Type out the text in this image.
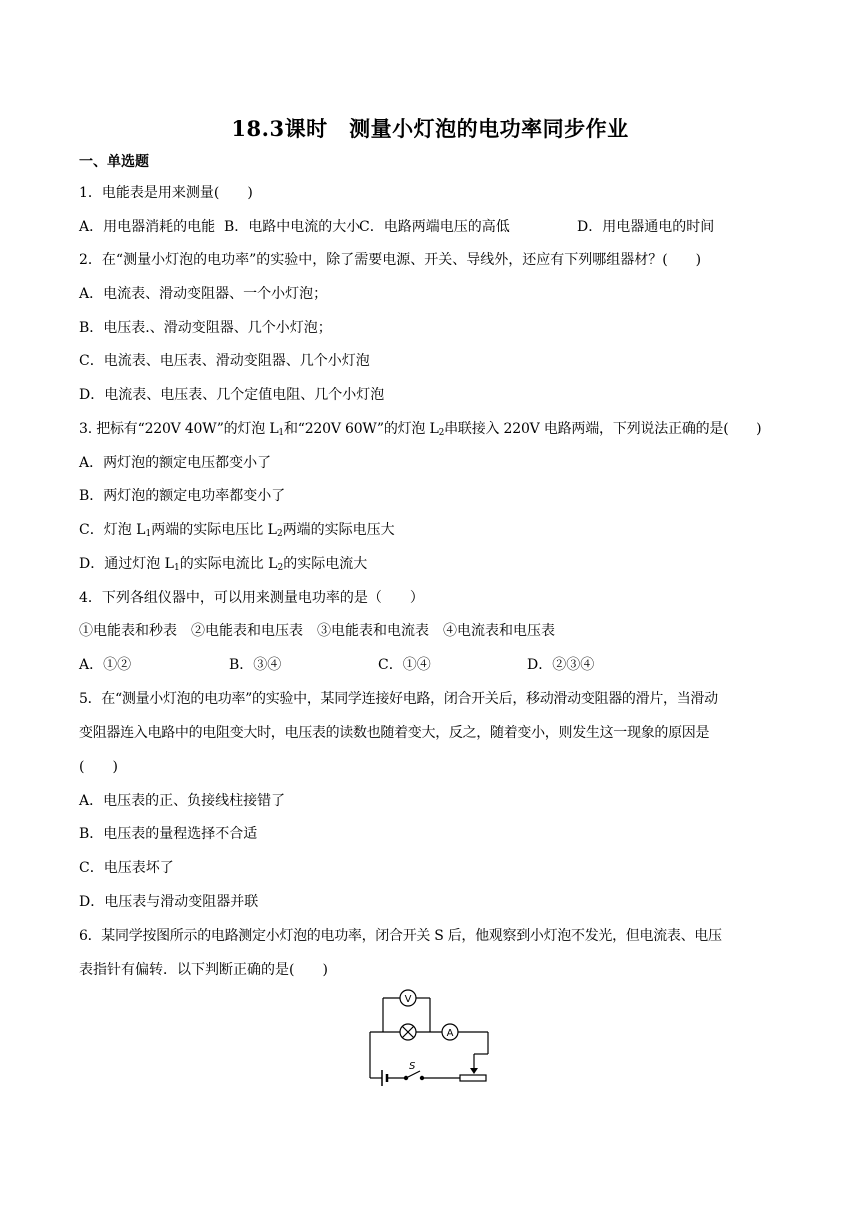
18.3课时　测量小灯泡的电功率同步作业
一、单选题
1．电能表是用来测量(　　)
A．用电器消耗的电能 B．电路中电流的大小
C．电路两端电压的高低	D．用电器通电的时间
2．在“测量小灯泡的电功率”的实验中，除了需要电源、开关、导线外，还应有下列哪组器材？(　　)
A．电流表、滑动变阻器、一个小灯泡；
B．电压表.、滑动变阻器、几个小灯泡；
C．电流表、电压表、滑动变阻器、几个小灯泡
D．电流表、电压表、几个定值电阻、几个小灯泡
3. 把标有“220V 40W”的灯泡 $L_1$和“220V 60W”的灯泡 $L_2$串联接入 220V 电路两端，下列说法正确的是(　　)
A．两灯泡的额定电压都变小了
B．两灯泡的额定电功率都变小了
C．灯泡 $L_1$两端的实际电压比 $L_2$两端的实际电压大
D．通过灯泡 $L_1$的实际电流比 $L_2$的实际电流大
4．下列各组仪器中，可以用来测量电功率的是（　　）
①电能表和秒表　②电能表和电压表　③电能表和电流表　④电流表和电压表
A．①②	B．③④	C．①④	D．②③④
5．在“测量小灯泡的电功率”的实验中，某同学连接好电路，闭合开关后，移动滑动变阻器的滑片，当滑动
变阻器连入电路中的电阻变大时，电压表的读数也随着变大，反之，随着变小，则发生这一现象的原因是
(　　)
A．电压表的正、负接线柱接错了
B．电压表的量程选择不合适
C．电压表坏了
D．电压表与滑动变阻器并联
6．某同学按图所示的电路测定小灯泡的电功率，闭合开关 S 后，他观察到小灯泡不发光，但电流表、电压
表指针有偏转．以下判断正确的是(　　)
V
A
S
